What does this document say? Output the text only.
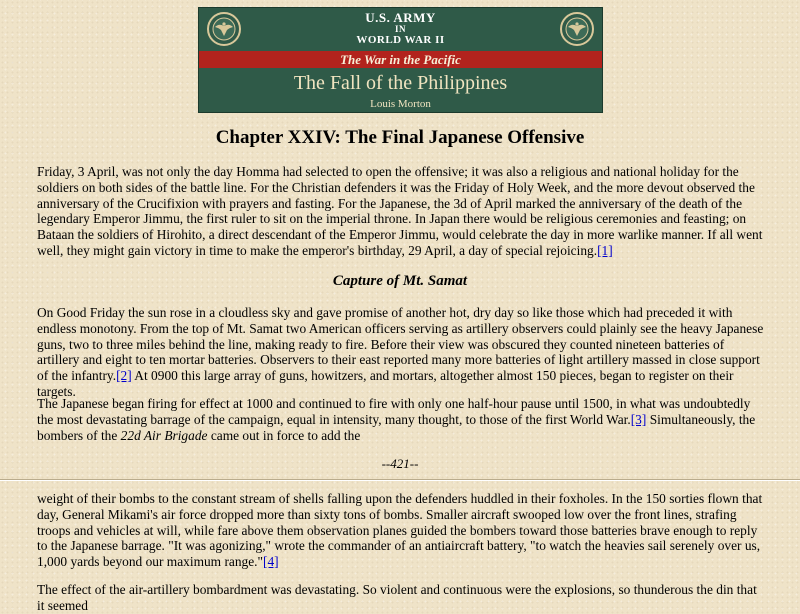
U.S. ARMY
IN
WORLD WAR II
The War in the Pacific
The Fall of the Philippines
Louis Morton
Chapter XXIV: The Final Japanese Offensive

Friday, 3 April, was not only the day Homma had selected to open the offensive; it was also a religious and national holiday for the soldiers on both sides of the battle line. For the Christian defenders it was the Friday of Holy Week, and the more devout observed the anniversary of the Crucifixion with prayers and fasting. For the Japanese, the 3d of April marked the anniversary of the death of the legendary Emperor Jimmu, the first ruler to sit on the imperial throne. In Japan there would be religious ceremonies and feasting; on Bataan the soldiers of Hirohito, a direct descendant of the Emperor Jimmu, would celebrate the day in more warlike manner. If all went well, they might gain victory in time to make the emperor's birthday, 29 April, a day of special rejoicing.[1]

Capture of Mt. Samat

On Good Friday the sun rose in a cloudless sky and gave promise of another hot, dry day so like those which had preceded it with endless monotony. From the top of Mt. Samat two American officers serving as artillery observers could plainly see the heavy Japanese guns, two to three miles behind the line, making ready to fire. Before their view was obscured they counted nineteen batteries of artillery and eight to ten mortar batteries. Observers to their east reported many more batteries of light artillery massed in close support of the infantry.[2] At 0900 this large array of guns, howitzers, and mortars, altogether almost 150 pieces, began to register on their targets.

The Japanese began firing for effect at 1000 and continued to fire with only one half-hour pause until 1500, in what was undoubtedly the most devastating barrage of the campaign, equal in intensity, many thought, to those of the first World War.[3] Simultaneously, the bombers of the 22d Air Brigade came out in force to add the

--421--

weight of their bombs to the constant stream of shells falling upon the defenders huddled in their foxholes. In the 150 sorties flown that day, General Mikami's air force dropped more than sixty tons of bombs. Smaller aircraft swooped low over the front lines, strafing troops and vehicles at will, while fare above them observation planes guided the bombers toward those batteries brave enough to reply to the Japanese barrage. "It was agonizing," wrote the commander of an antiaircraft battery, "to watch the heavies sail serenely over us, 1,000 yards beyond our maximum range."[4]

The effect of the air-artillery bombardment was devastating. So violent and continuous were the explosions, so thunderous the din that it seemed
